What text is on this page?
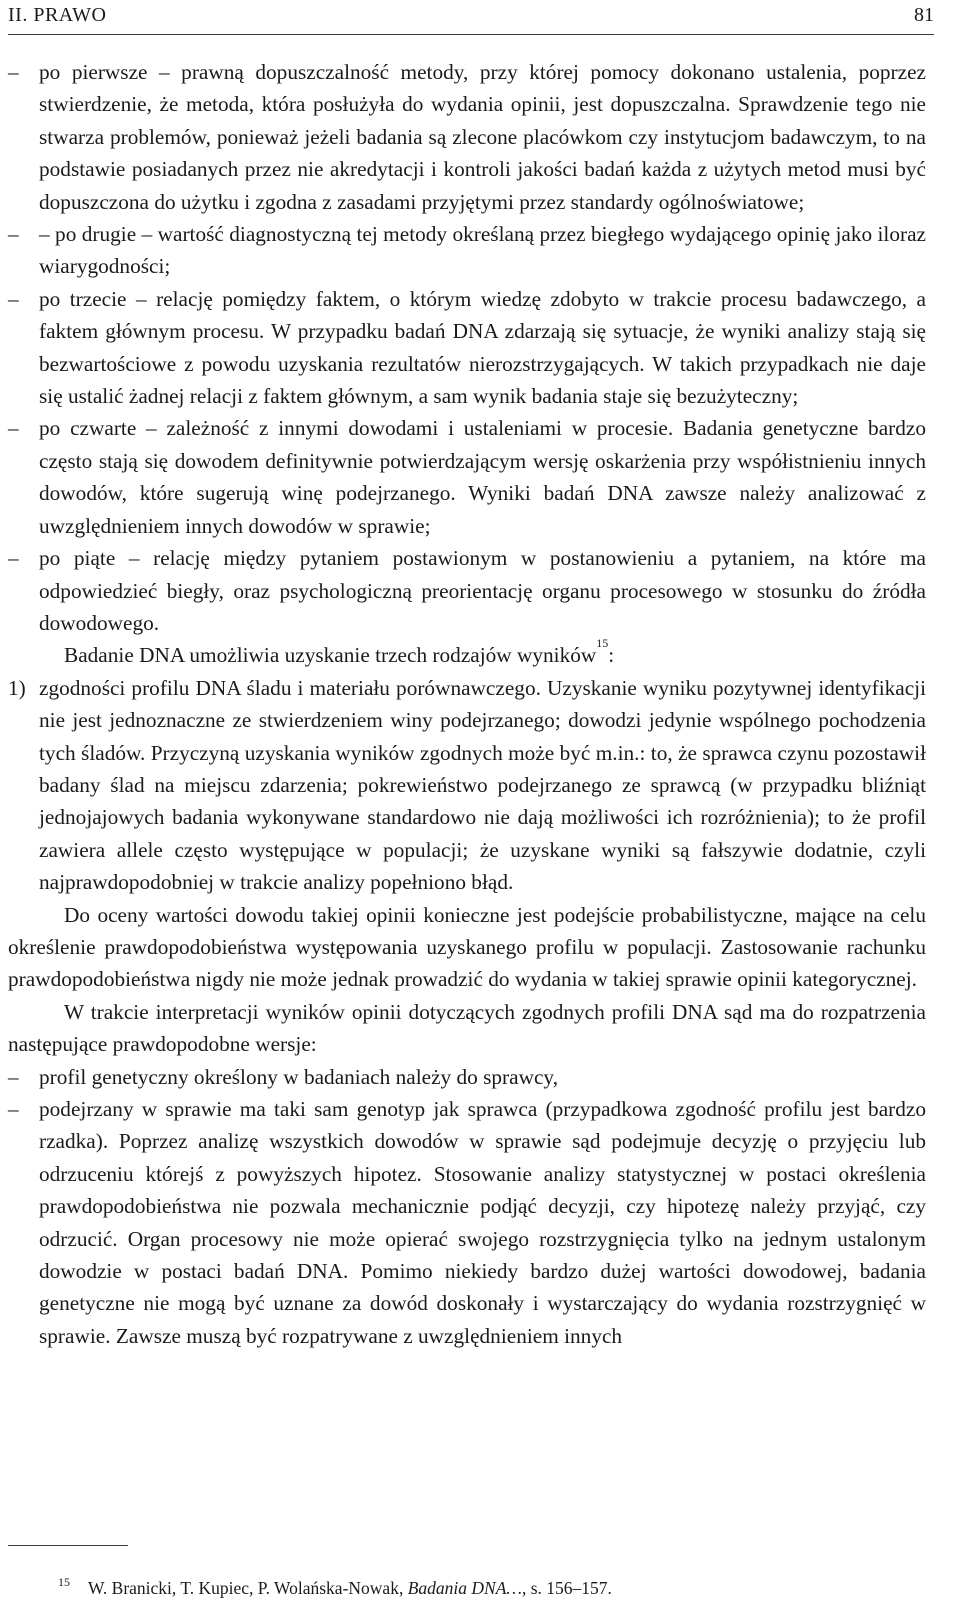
II. PRAWO	81
– po pierwsze – prawną dopuszczalność metody, przy której pomocy dokonano ustalenia, poprzez stwierdzenie, że metoda, która posłużyła do wydania opinii, jest dopuszczalna. Sprawdzenie tego nie stwarza problemów, ponieważ jeżeli badania są zlecone placówkom czy instytucjom badawczym, to na podstawie posiadanych przez nie akredytacji i kontroli jakości badań każda z użytych metod musi być dopuszczona do użytku i zgodna z zasadami przyjętymi przez standardy ogólnoświatowe;
– – po drugie – wartość diagnostyczną tej metody określaną przez biegłego wydającego opinię jako iloraz wiarygodności;
– po trzecie – relację pomiędzy faktem, o którym wiedzę zdobyto w trakcie procesu badawczego, a faktem głównym procesu. W przypadku badań DNA zdarzają się sytuacje, że wyniki analizy stają się bezwartościowe z powodu uzyskania rezultatów nierozstrzygających. W takich przypadkach nie daje się ustalić żadnej relacji z faktem głównym, a sam wynik badania staje się bezużyteczny;
– po czwarte – zależność z innymi dowodami i ustaleniami w procesie. Badania genetyczne bardzo często stają się dowodem definitywnie potwierdzającym wersję oskarżenia przy współistnieniu innych dowodów, które sugerują winę podejrzanego. Wyniki badań DNA zawsze należy analizować z uwzględnieniem innych dowodów w sprawie;
– po piąte – relację między pytaniem postawionym w postanowieniu a pytaniem, na które ma odpowiedzieć biegły, oraz psychologiczną preorientację organu procesowego w stosunku do źródła dowodowego.
Badanie DNA umożliwia uzyskanie trzech rodzajów wyników$^{15}$:
1) zgodności profilu DNA śladu i materiału porównawczego. Uzyskanie wyniku pozytywnej identyfikacji nie jest jednoznaczne ze stwierdzeniem winy podejrzanego; dowodzi jedynie wspólnego pochodzenia tych śladów. Przyczyną uzyskania wyników zgodnych może być m.in.: to, że sprawca czynu pozostawił badany ślad na miejscu zdarzenia; pokrewieństwo podejrzanego ze sprawcą (w przypadku bliźniąt jednojajowych badania wykonywane standardowo nie dają możliwości ich rozróżnienia); to że profil zawiera allele często występujące w populacji; że uzyskane wyniki są fałszywie dodatnie, czyli najprawdopodobniej w trakcie analizy popełniono błąd.
Do oceny wartości dowodu takiej opinii konieczne jest podejście probabilistyczne, mające na celu określenie prawdopodobieństwa występowania uzyskanego profilu w populacji. Zastosowanie rachunku prawdopodobieństwa nigdy nie może jednak prowadzić do wydania w takiej sprawie opinii kategorycznej.
W trakcie interpretacji wyników opinii dotyczących zgodnych profili DNA sąd ma do rozpatrzenia następujące prawdopodobne wersje:
– profil genetyczny określony w badaniach należy do sprawcy,
– podejrzany w sprawie ma taki sam genotyp jak sprawca (przypadkowa zgodność profilu jest bardzo rzadka). Poprzez analizę wszystkich dowodów w sprawie sąd podejmuje decyzję o przyjęciu lub odrzuceniu którejś z powyższych hipotez. Stosowanie analizy statystycznej w postaci określenia prawdopodobieństwa nie pozwala mechanicznie podjąć decyzji, czy hipotezę należy przyjąć, czy odrzucić. Organ procesowy nie może opierać swojego rozstrzygnięcia tylko na jednym ustalonym dowodzie w postaci badań DNA. Pomimo niekiedy bardzo dużej wartości dowodowej, badania genetyczne nie mogą być uznane za dowód doskonały i wystarczający do wydania rozstrzygnięć w sprawie. Zawsze muszą być rozpatrywane z uwzględnieniem innych
15 W. Branicki, T. Kupiec, P. Wolańska-Nowak, Badania DNA…, s. 156–157.
